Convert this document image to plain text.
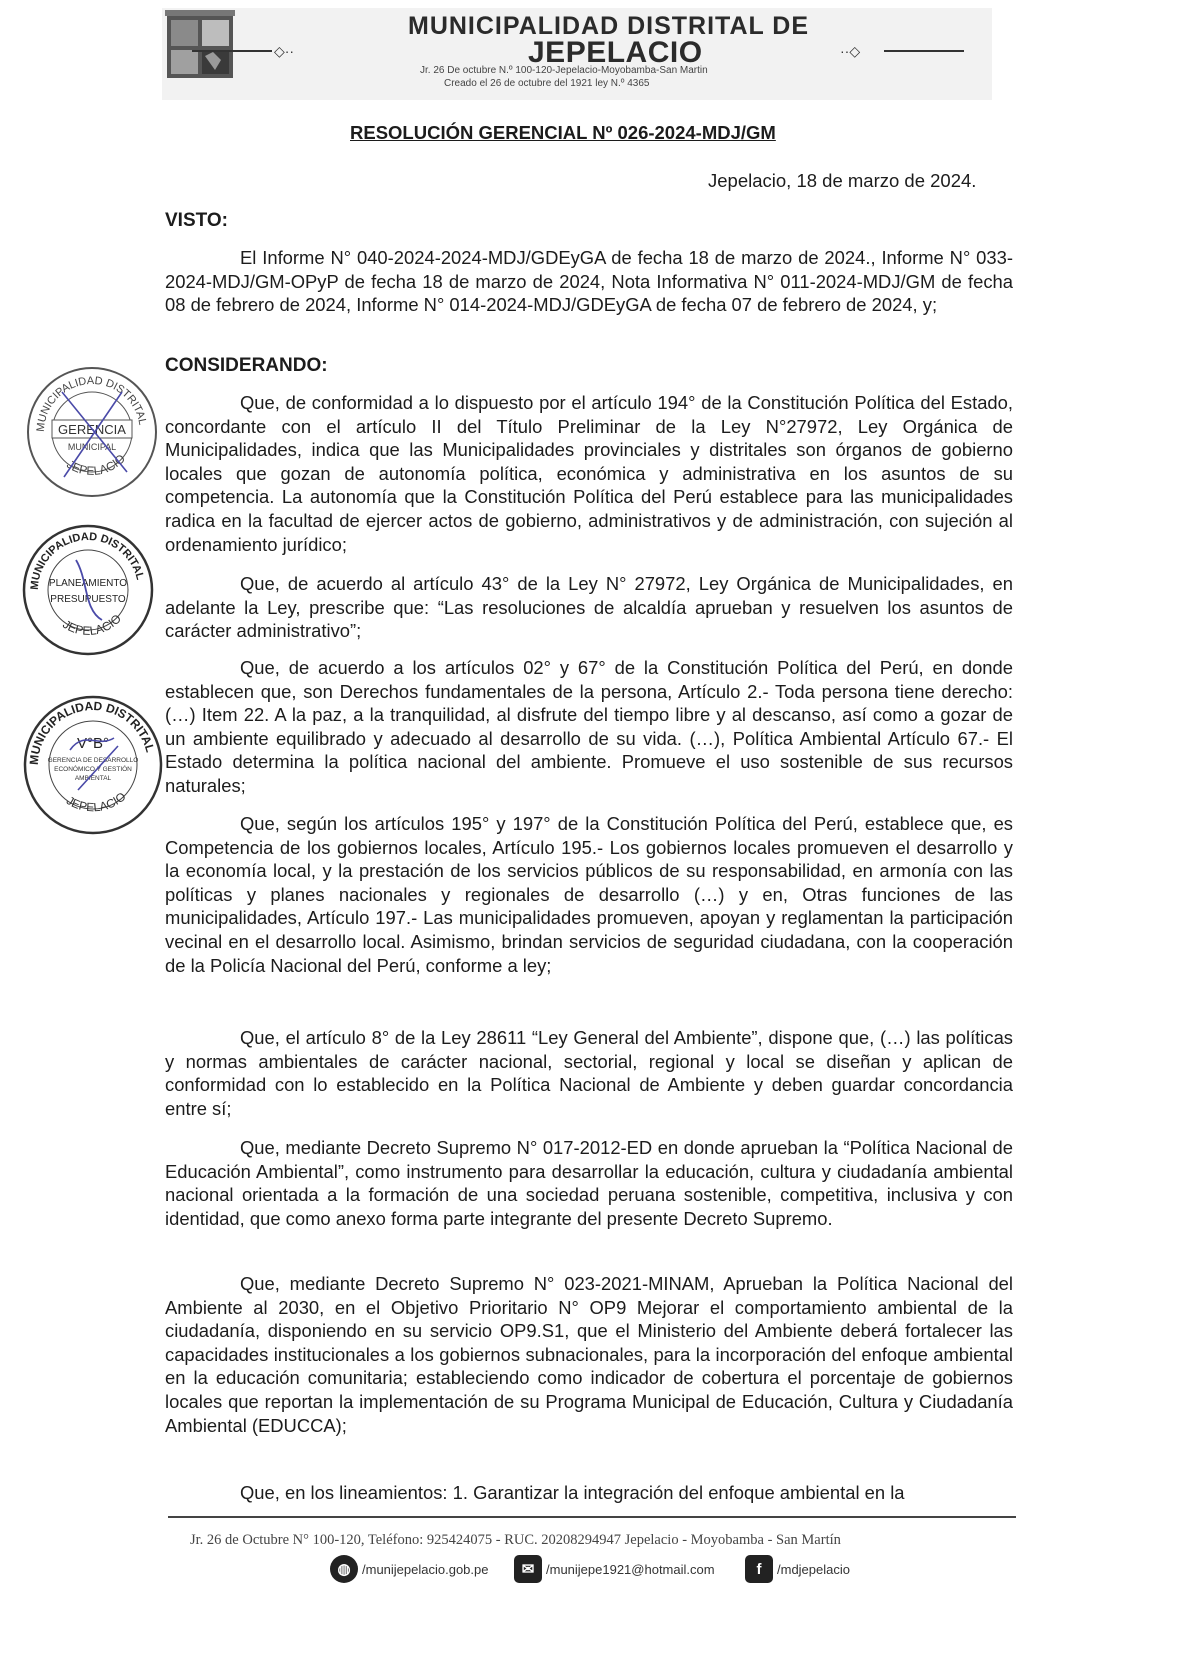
MUNICIPALIDAD DISTRITAL DE
JEPELACIO
◇··	··◇
Jr. 26 De octubre N.º 100-120-Jepelacio-Moyobamba-San Martin
Creado el 26 de octubre del 1921 ley N.º 4365
RESOLUCIÓN GERENCIAL Nº 026-2024-MDJ/GM
Jepelacio, 18 de marzo de 2024.
VISTO:

El Informe N° 040-2024-2024-MDJ/GDEyGA de fecha 18 de marzo de 2024., Informe N° 033-2024-MDJ/GM-OPyP de fecha 18 de marzo de 2024, Nota Informativa N° 011-2024-MDJ/GM de fecha 08 de febrero de 2024, Informe N° 014-2024-MDJ/GDEyGA de fecha 07 de febrero de 2024, y;

CONSIDERANDO:

Que, de conformidad a lo dispuesto por el artículo 194° de la Constitución Política del Estado, concordante con el artículo II del Título Preliminar de la Ley N°27972, Ley Orgánica de Municipalidades, indica que las Municipalidades provinciales y distritales son órganos de gobierno locales que gozan de autonomía política, económica y administrativa en los asuntos de su competencia. La autonomía que la Constitución Política del Perú establece para las municipalidades radica en la facultad de ejercer actos de gobierno, administrativos y de administración, con sujeción al ordenamiento jurídico;

Que, de acuerdo al artículo 43° de la Ley N° 27972, Ley Orgánica de Municipalidades, en adelante la Ley, prescribe que: “Las resoluciones de alcaldía aprueban y resuelven los asuntos de carácter administrativo”;

Que, de acuerdo a los artículos 02° y 67° de la Constitución Política del Perú, en donde establecen que, son Derechos fundamentales de la persona, Artículo 2.- Toda persona tiene derecho: (…) Item 22. A la paz, a la tranquilidad, al disfrute del tiempo libre y al descanso, así como a gozar de un ambiente equilibrado y adecuado al desarrollo de su vida. (…), Política Ambiental Artículo 67.- El Estado determina la política nacional del ambiente. Promueve el uso sostenible de sus recursos naturales;

Que, según los artículos 195° y 197° de la Constitución Política del Perú, establece que, es Competencia de los gobiernos locales, Artículo 195.- Los gobiernos locales promueven el desarrollo y la economía local, y la prestación de los servicios públicos de su responsabilidad, en armonía con las políticas y planes nacionales y regionales de desarrollo (…) y en, Otras funciones de las municipalidades, Artículo 197.- Las municipalidades promueven, apoyan y reglamentan la participación vecinal en el desarrollo local. Asimismo, brindan servicios de seguridad ciudadana, con la cooperación de la Policía Nacional del Perú, conforme a ley;

Que, el artículo 8° de la Ley 28611 “Ley General del Ambiente”, dispone que, (…) las políticas y normas ambientales de carácter nacional, sectorial, regional y local se diseñan y aplican de conformidad con lo establecido en la Política Nacional de Ambiente y deben guardar concordancia entre sí;

Que, mediante Decreto Supremo N° 017-2012-ED en donde aprueban la “Política Nacional de Educación Ambiental”, como instrumento para desarrollar la educación, cultura y ciudadanía ambiental nacional orientada a la formación de una sociedad peruana sostenible, competitiva, inclusiva y con identidad, que como anexo forma parte integrante del presente Decreto Supremo.

Que, mediante Decreto Supremo N° 023-2021-MINAM, Aprueban la Política Nacional del Ambiente al 2030, en el Objetivo Prioritario N° OP9 Mejorar el comportamiento ambiental de la ciudadanía, disponiendo en su servicio OP9.S1, que el Ministerio del Ambiente deberá fortalecer las capacidades institucionales a los gobiernos subnacionales, para la incorporación del enfoque ambiental en la educación comunitaria; estableciendo como indicador de cobertura el porcentaje de gobiernos locales que reportan la implementación de su Programa Municipal de Educación, Cultura y Ciudadanía Ambiental (EDUCCA);

Que, en los lineamientos: 1. Garantizar la integración del enfoque ambiental en la

MUNICIPALIDAD DISTRITAL
JEPELACIO
GERENCIA
MUNICIPAL
MUNICIPALIDAD DISTRITAL
JEPELACIO
PLANEAMIENTO
PRESUPUESTO
MUNICIPALIDAD DISTRITAL
JEPELACIO
V°B°
GERENCIA DE DESARROLLO
ECONÓMICO Y GESTIÓN
AMBIENTAL
Jr. 26 de Octubre N° 100-120, Teléfono: 925424075 - RUC. 20208294947 Jepelacio - Moyobamba - San Martín
◍ /munijepelacio.gob.pe	✉ /munijepe1921@hotmail.com	f	/mdjepelacio
